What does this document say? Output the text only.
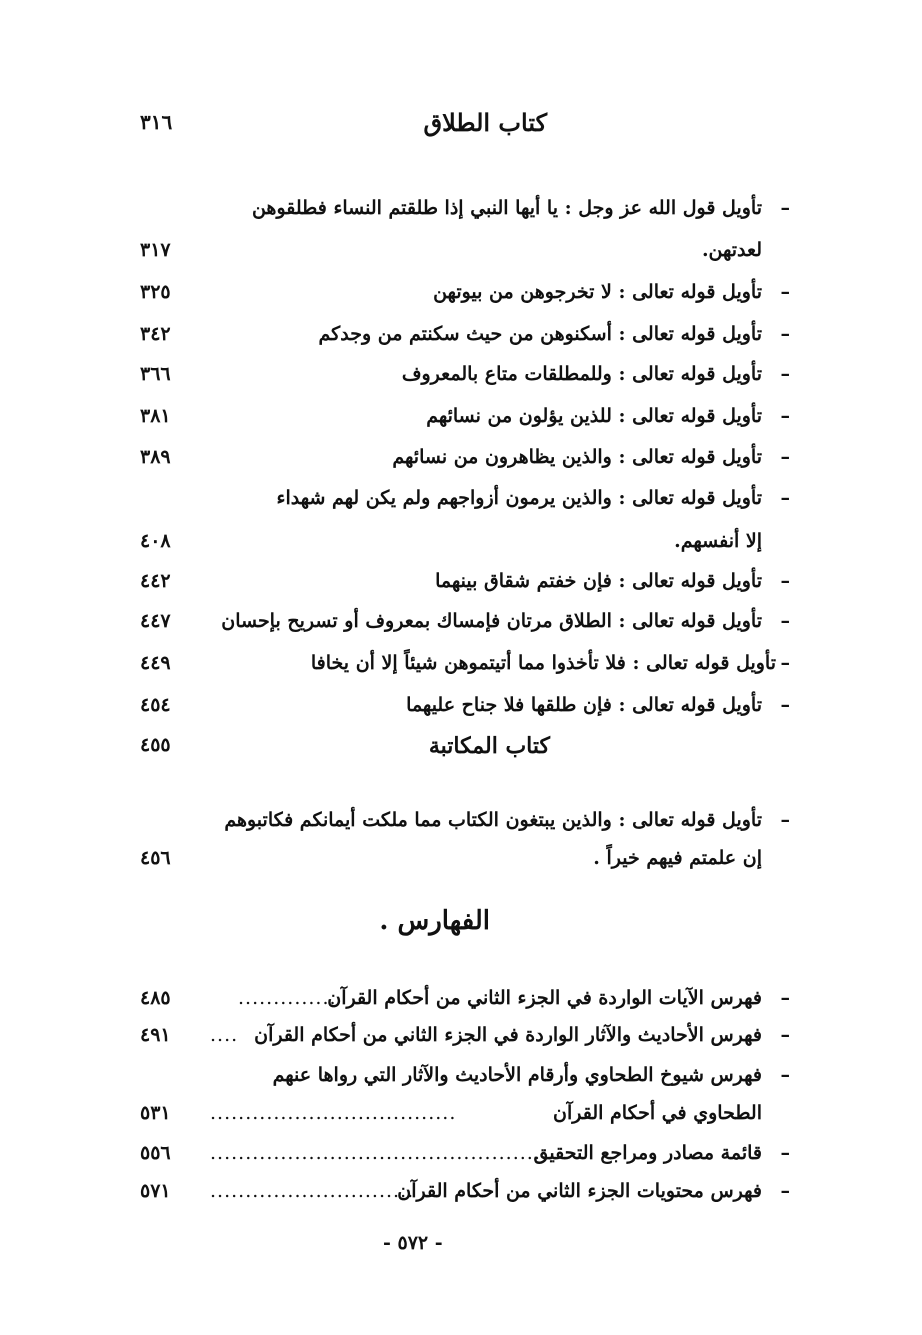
كتاب الطلاق
٣١٦
–
تأويل قول الله عز وجل : يا أيها النبي إذا طلقتم النساء فطلقوهن
لعدتهن.
٣١٧
–
تأويل قوله تعالى : لا تخرجوهن من بيوتهن
٣٢٥
–
تأويل قوله تعالى : أسكنوهن من حيث سكنتم من وجدكم
٣٤٢
–
تأويل قوله تعالى : وللمطلقات متاع بالمعروف
٣٦٦
–
تأويل قوله تعالى : للذين يؤلون من نسائهم
٣٨١
–
تأويل قوله تعالى : والذين يظاهرون من نسائهم
٣٨٩
–
تأويل قوله تعالى : والذين يرمون أزواجهم ولم يكن لهم شهداء
إلا أنفسهم.
٤٠٨
–
تأويل قوله تعالى : فإن خفتم شقاق بينهما
٤٤٢
–
تأويل قوله تعالى : الطلاق مرتان فإمساك بمعروف أو تسريح بإحسان
٤٤٧
–
تأويل قوله تعالى : فلا تأخذوا مما أتيتموهن شيئاً إلا أن يخافا
٤٤٩
–
تأويل قوله تعالى : فإن طلقها فلا جناح عليهما
٤٥٤
كتاب المكاتبة
٤٥٥
–
تأويل قوله تعالى : والذين يبتغون الكتاب مما ملكت أيمانكم فكاتبوهم
إن علمتم فيهم خيراً .
٤٥٦
الفهارس .
–
فهرس الآيات الواردة في الجزء الثاني من أحكام القرآن
..............
٤٨٥
–
فهرس الأحاديث والآثار الواردة في الجزء الثاني من أحكام القرآن
....
٤٩١
–
فهرس شيوخ الطحاوي وأرقام الأحاديث والآثار التي رواها عنهم
الطحاوي في أحكام القرآن
...................................
٥٣١
–
قائمة مصادر ومراجع التحقيق
.................................................
٥٥٦
–
فهرس محتويات الجزء الثاني من أحكام القرآن
.............................
٥٧١
- ٥٧٢ -
